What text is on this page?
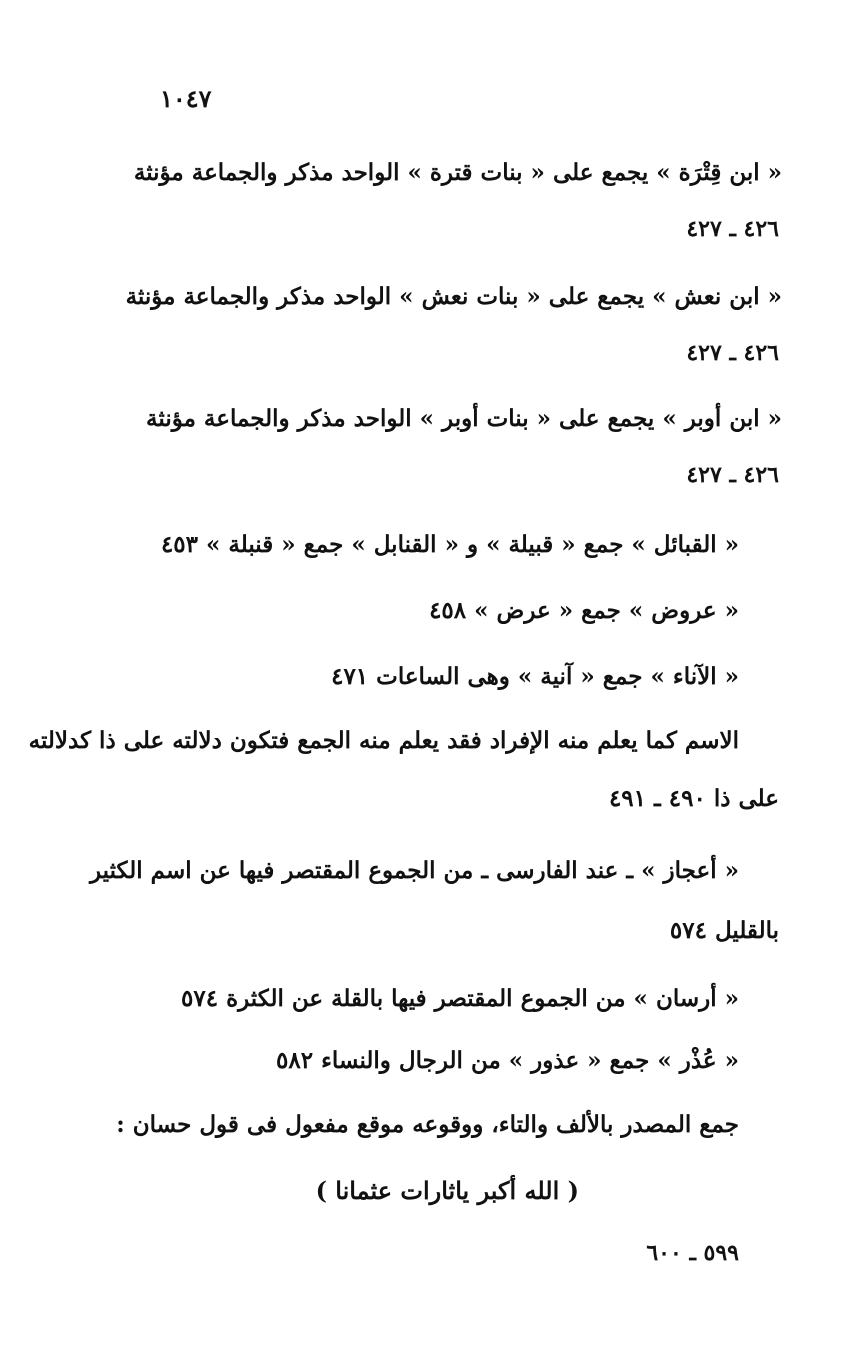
١٠٤٧
« ابن قِتْرَة » يجمع على « بنات قترة » الواحد مذكر والجماعة مؤنثة
٤٢٦ ـ ٤٢٧
« ابن نعش » يجمع على « بنات نعش » الواحد مذكر والجماعة مؤنثة
٤٢٦ ـ ٤٢٧
« ابن أوبر » يجمع على « بنات أوبر » الواحد مذكر والجماعة مؤنثة
٤٢٦ ـ ٤٢٧
« القبائل » جمع « قبيلة » و « القنابل » جمع « قنبلة » ٤٥٣
« عروض » جمع « عرض » ٤٥٨
« الآناء » جمع « آنية » وهى الساعات ٤٧١
الاسم كما يعلم منه الإفراد فقد يعلم منه الجمع فتكون دلالته على ذا كدلالته
على ذا ٤٩٠ ـ ٤٩١
« أعجاز » ـ عند الفارسى ـ من الجموع المقتصر فيها عن اسم الكثير
بالقليل ٥٧٤
« أرسان » من الجموع المقتصر فيها بالقلة عن الكثرة ٥٧٤
« عُذْر » جمع « عذور » من الرجال والنساء ٥٨٢
جمع المصدر بالألف والتاء، ووقوعه موقع مفعول فى قول حسان :
( الله أكبر ياثارات عثمانا )
٥٩٩ ـ ٦٠٠
